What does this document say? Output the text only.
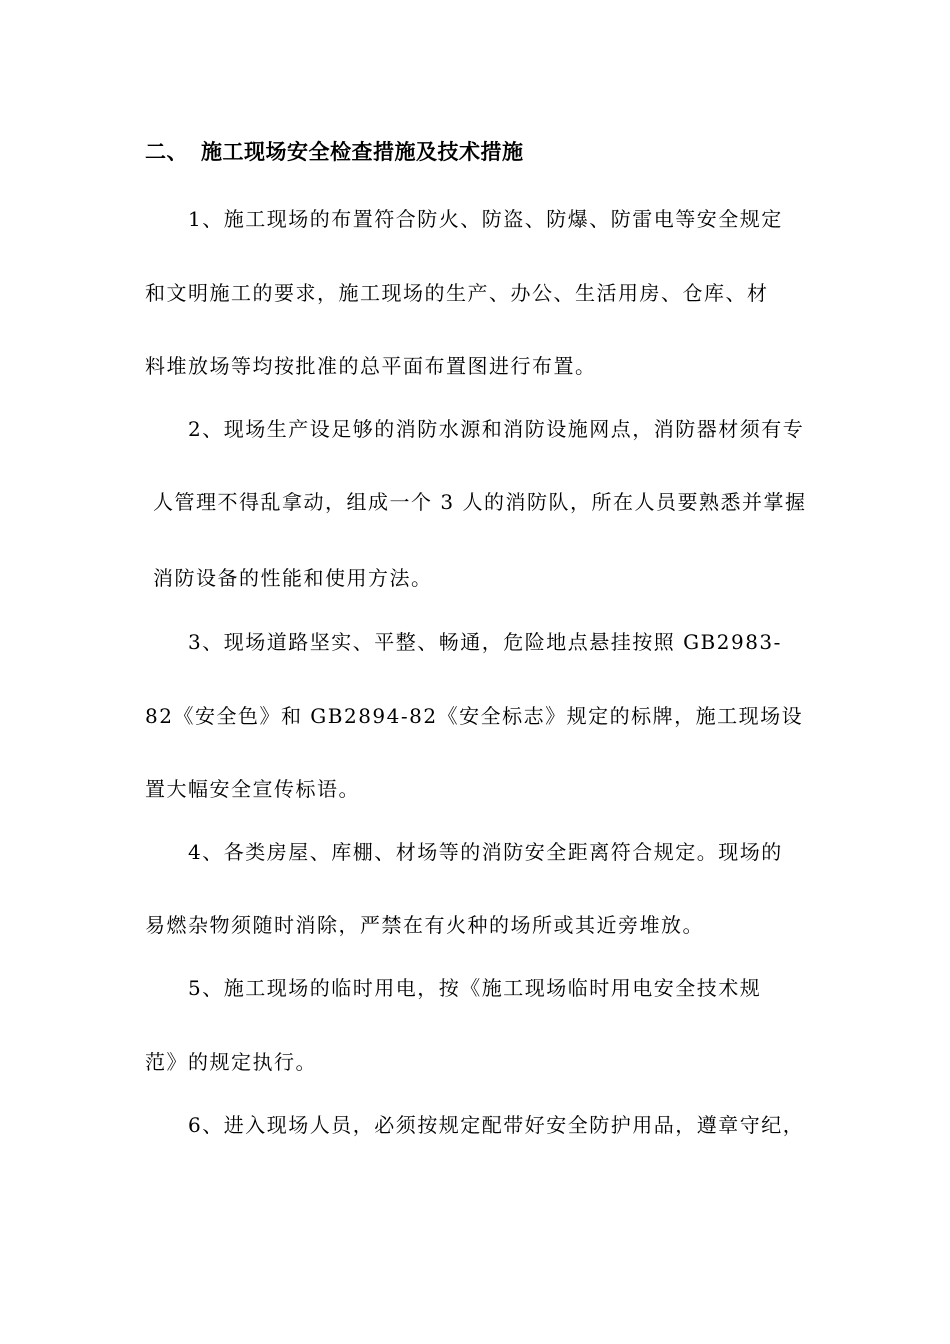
二、 施工现场安全检查措施及技术措施
1、施工现场的布置符合防火、防盗、防爆、防雷电等安全规定
和文明施工的要求，施工现场的生产、办公、生活用房、仓库、材
料堆放场等均按批准的总平面布置图进行布置。
2、现场生产设足够的消防水源和消防设施网点，消防器材须有专
人管理不得乱拿动，组成一个 3 人的消防队，所在人员要熟悉并掌握
消防设备的性能和使用方法。
3、现场道路坚实、平整、畅通，危险地点悬挂按照 GB2983-
82《安全色》和 GB2894-82《安全标志》规定的标牌，施工现场设
置大幅安全宣传标语。
4、各类房屋、库棚、材场等的消防安全距离符合规定。现场的
易燃杂物须随时消除，严禁在有火种的场所或其近旁堆放。
5、施工现场的临时用电，按《施工现场临时用电安全技术规
范》的规定执行。
6、进入现场人员，必须按规定配带好安全防护用品，遵章守纪，
